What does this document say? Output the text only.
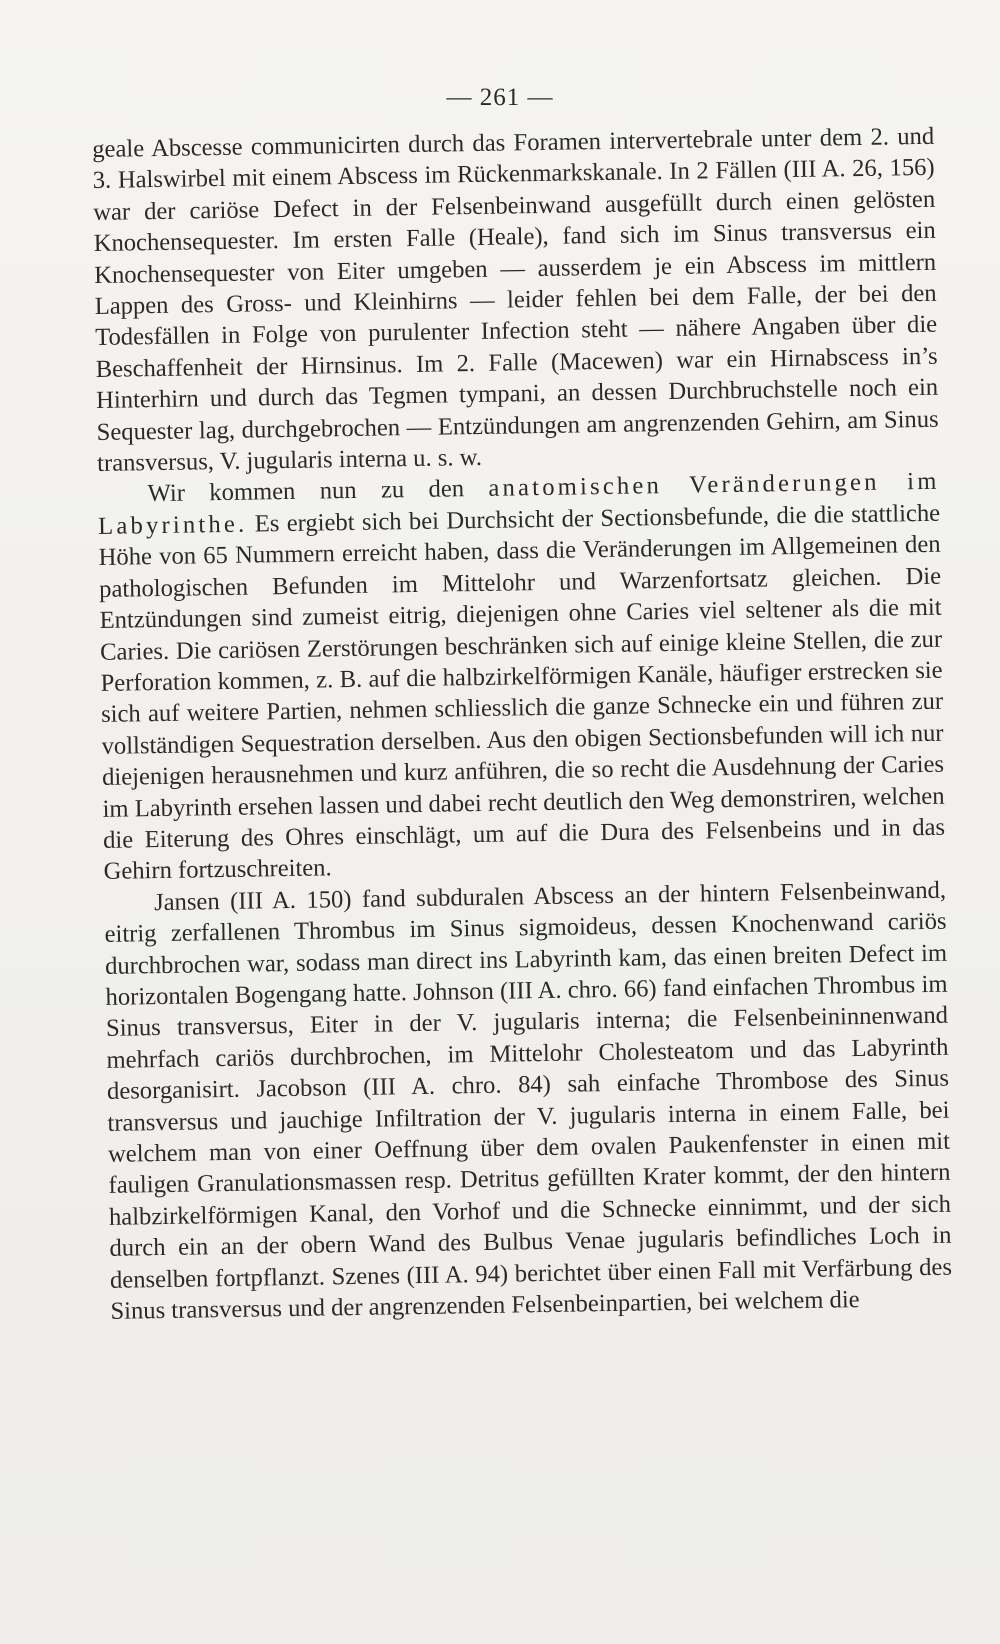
— 261 —

geale Abscesse communicirten durch das Foramen intervertebrale unter dem 2. und 3. Halswirbel mit einem Abscess im Rückenmarkskanale. In 2 Fällen (III A. 26, 156) war der cariöse Defect in der Felsenbeinwand ausgefüllt durch einen gelösten Knochensequester. Im ersten Falle (Heale), fand sich im Sinus transversus ein Knochensequester von Eiter umgeben — ausserdem je ein Abscess im mittlern Lappen des Gross- und Kleinhirns — leider fehlen bei dem Falle, der bei den Todesfällen in Folge von purulenter Infection steht — nähere Angaben über die Beschaffenheit der Hirnsinus. Im 2. Falle (Macewen) war ein Hirnabscess in’s Hinterhirn und durch das Tegmen tympani, an dessen Durchbruchstelle noch ein Sequester lag, durchgebrochen — Entzündungen am angrenzenden Gehirn, am Sinus transversus, V. jugularis interna u. s. w.

Wir kommen nun zu den anatomischen Veränderungen im Labyrinthe. Es ergiebt sich bei Durchsicht der Sectionsbefunde, die die stattliche Höhe von 65 Nummern erreicht haben, dass die Veränderungen im Allgemeinen den pathologischen Befunden im Mittelohr und Warzenfortsatz gleichen. Die Entzündungen sind zumeist eitrig, diejenigen ohne Caries viel seltener als die mit Caries. Die cariösen Zerstörungen beschränken sich auf einige kleine Stellen, die zur Perforation kommen, z. B. auf die halbzirkelförmigen Kanäle, häufiger erstrecken sie sich auf weitere Partien, nehmen schliesslich die ganze Schnecke ein und führen zur vollständigen Sequestration derselben. Aus den obigen Sectionsbefunden will ich nur diejenigen herausnehmen und kurz anführen, die so recht die Ausdehnung der Caries im Labyrinth ersehen lassen und dabei recht deutlich den Weg demonstriren, welchen die Eiterung des Ohres einschlägt, um auf die Dura des Felsenbeins und in das Gehirn fortzuschreiten.

Jansen (III A. 150) fand subduralen Abscess an der hintern Felsenbeinwand, eitrig zerfallenen Thrombus im Sinus sigmoideus, dessen Knochenwand cariös durchbrochen war, sodass man direct ins Labyrinth kam, das einen breiten Defect im horizontalen Bogengang hatte. Johnson (III A. chro. 66) fand einfachen Thrombus im Sinus transversus, Eiter in der V. jugularis interna; die Felsenbeininnenwand mehrfach cariös durchbrochen, im Mittelohr Cholesteatom und das Labyrinth desorganisirt. Jacobson (III A. chro. 84) sah einfache Thrombose des Sinus transversus und jauchige Infiltration der V. jugularis interna in einem Falle, bei welchem man von einer Oeffnung über dem ovalen Paukenfenster in einen mit fauligen Granulationsmassen resp. Detritus gefüllten Krater kommt, der den hintern halbzirkelförmigen Kanal, den Vorhof und die Schnecke einnimmt, und der sich durch ein an der obern Wand des Bulbus Venae jugularis befindliches Loch in denselben fortpflanzt. Szenes (III A. 94) berichtet über einen Fall mit Verfärbung des Sinus transversus und der angrenzenden Felsenbeinpartien, bei welchem die
